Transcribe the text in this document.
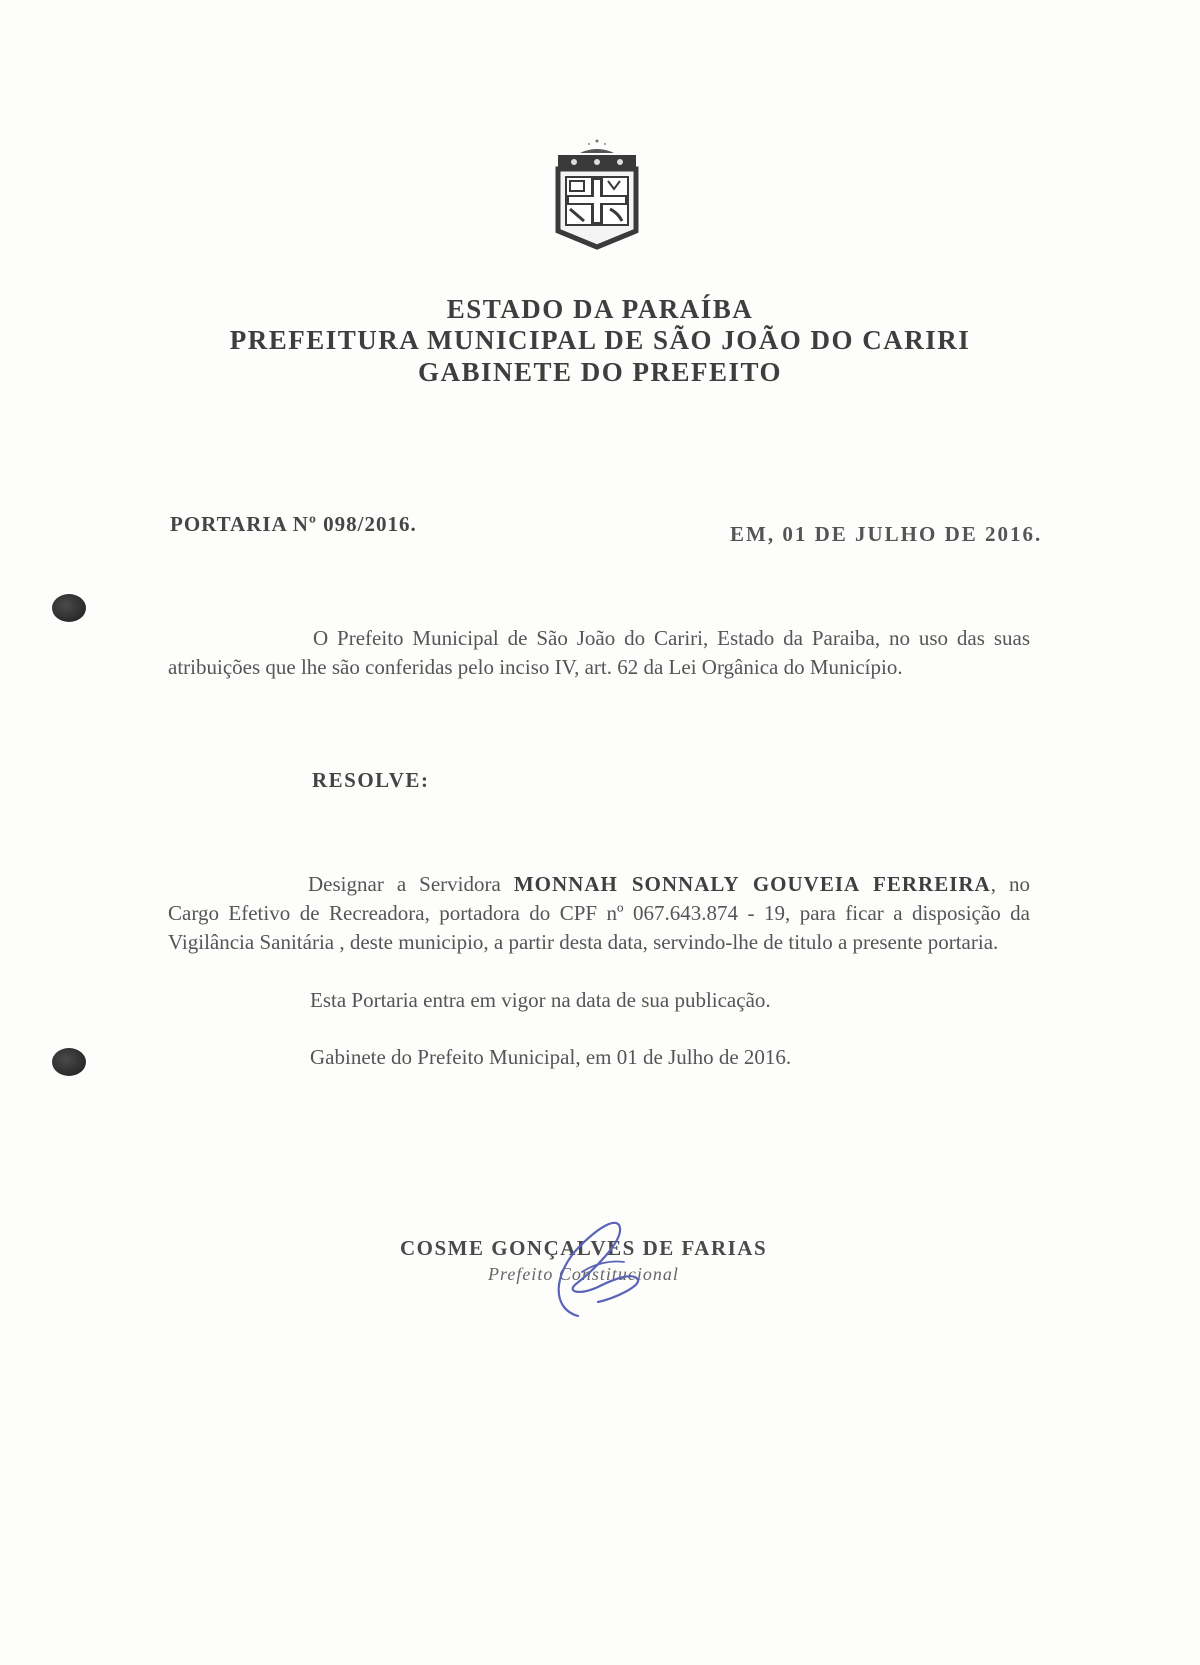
ESTADO DA PARAÍBA
PREFEITURA MUNICIPAL DE SÃO JOÃO DO CARIRI
GABINETE DO PREFEITO
PORTARIA Nº 098/2016.	EM, 01 DE JULHO DE 2016.
O Prefeito Municipal de São João do Cariri, Estado da Paraiba, no uso das suas atribuições que lhe são conferidas pelo inciso IV, art. 62 da Lei Orgânica do Município.
RESOLVE:
Designar a Servidora MONNAH SONNALY GOUVEIA FERREIRA, no Cargo Efetivo de Recreadora, portadora do CPF nº 067.643.874 - 19, para ficar a disposição da Vigilância Sanitária , deste municipio, a partir desta data, servindo-lhe de titulo a presente portaria.
Esta Portaria entra em vigor na data de sua publicação.
Gabinete do Prefeito Municipal, em 01 de Julho de 2016.
COSME GONÇALVES DE FARIAS
Prefeito Constitucional
